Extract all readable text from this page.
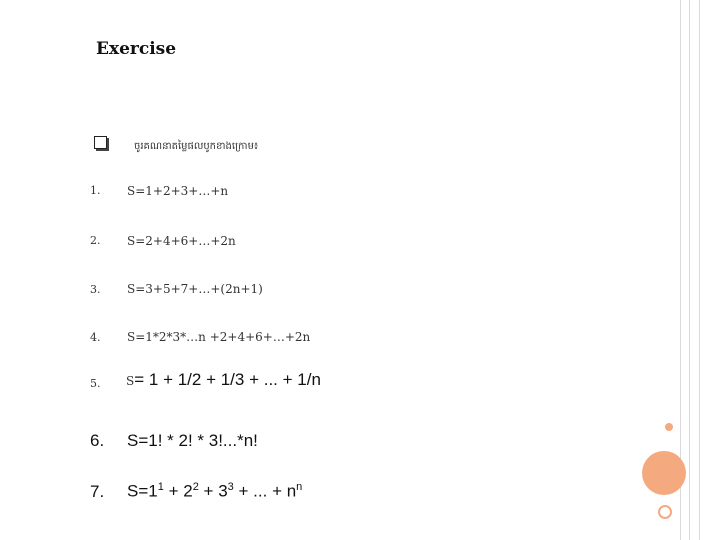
Exercise
ចូរគណនាតម្លៃផលបូកខាងក្រោម៖
1. S=1+2+3+…+n
2. S=2+4+6+…+2n
3. S=3+5+7+…+(2n+1)
4. S=1*2*3*…n +2+4+6+…+2n
5. S= 1 + 1/2 + 1/3 + ... + 1/n
6. S=1! * 2! * 3!...*n!
7. $S=1^1 + 2^2 + 3^3$ + ... + $n^n$
